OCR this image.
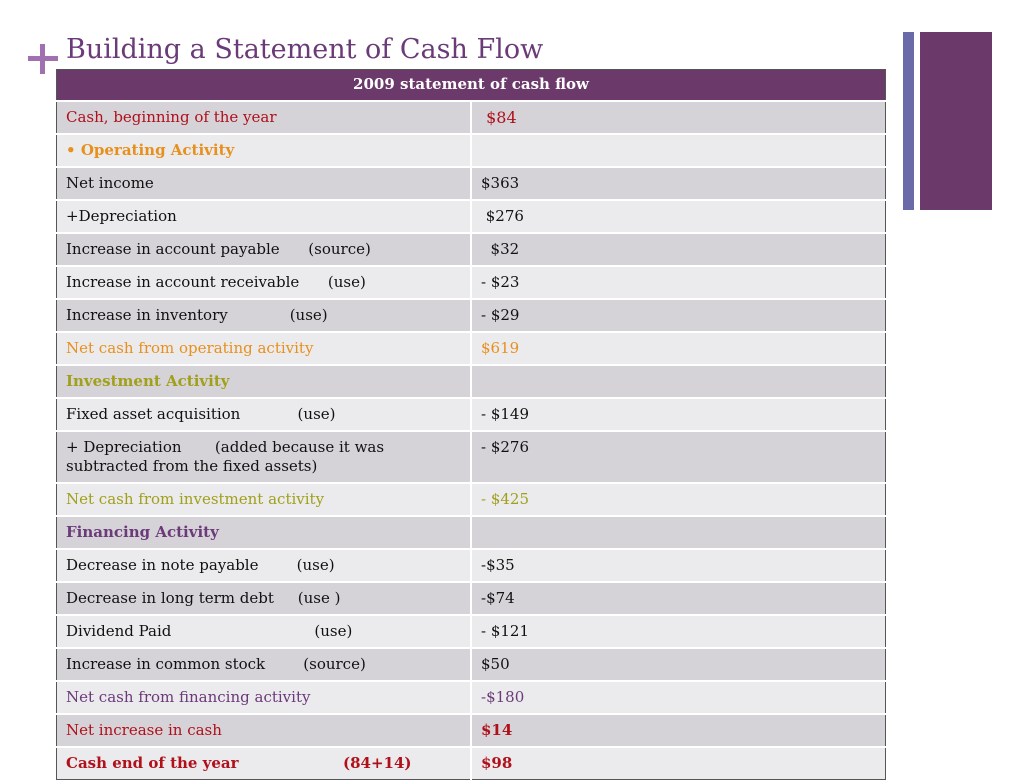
Building a Statement of Cash Flow
2009 statement of cash flow	
Cash, beginning of the year	$84
• Operating Activity	
Net income	$363
+Depreciation	$276
Increase in account payable      (source)	$32
Increase in account receivable      (use)	- $23
Increase in inventory             (use)	- $29
Net cash from operating activity	$619
Investment Activity	
Fixed asset acquisition            (use)	- $149
+ Depreciation       (added because it was  subtracted from the fixed assets)	- $276
Net cash from investment activity	- $425
Financing Activity	
Decrease in note payable        (use)	-$35
Decrease in long term debt     (use )	-$74
Dividend Paid                              (use)	- $121
Increase in common stock        (source)	$50
Net cash from financing activity	-$180
Net increase in cash	$14
Cash end of the year                    (84+14)	$98
